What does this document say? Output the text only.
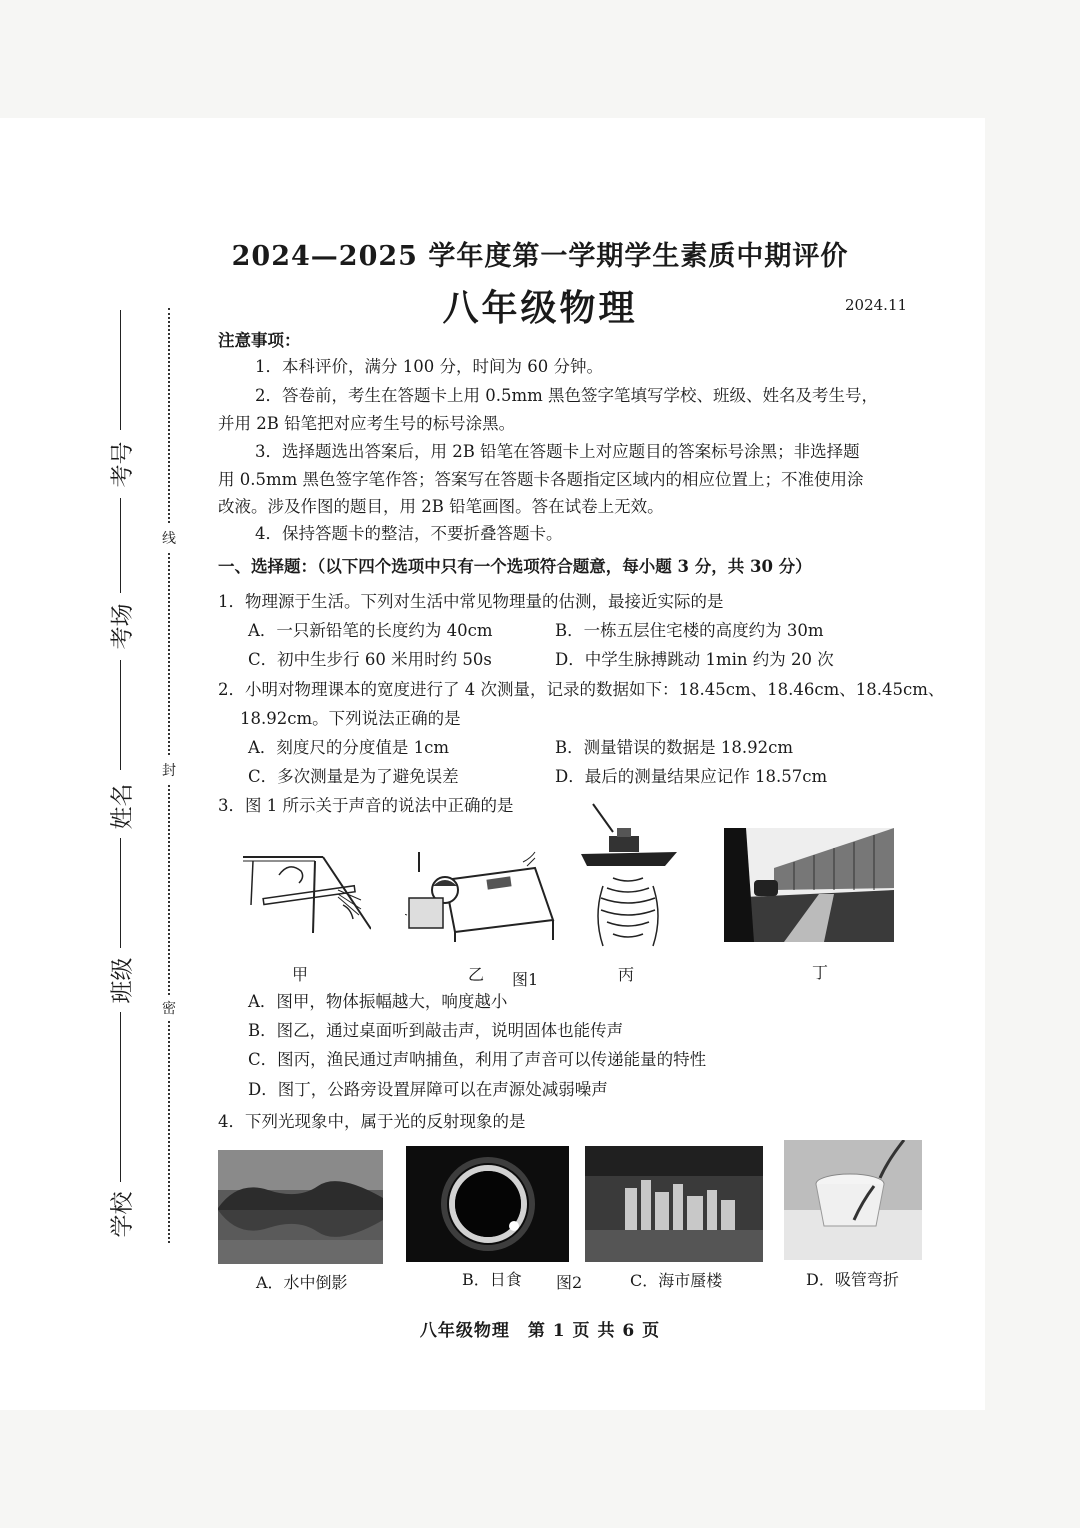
2024—2025 学年度第一学期学生素质中期评价
八年级物理	2024.11
线
封
密
考号
考场
姓名
班级
学校
注意事项：
1．本科评价，满分 100 分，时间为 60 分钟。
2．答卷前，考生在答题卡上用 0.5mm 黑色签字笔填写学校、班级、姓名及考生号，
并用 2B 铅笔把对应考生号的标号涂黑。
3．选择题选出答案后，用 2B 铅笔在答题卡上对应题目的答案标号涂黑；非选择题
用 0.5mm 黑色签字笔作答；答案写在答题卡各题指定区域内的相应位置上；不准使用涂
改液。涉及作图的题目，用 2B 铅笔画图。答在试卷上无效。
4．保持答题卡的整洁，不要折叠答题卡。
一、选择题：（以下四个选项中只有一个选项符合题意，每小题 3 分，共 30 分）
1．物理源于生活。下列对生活中常见物理量的估测，最接近实际的是
A．一只新铅笔的长度约为 40cm	B．一栋五层住宅楼的高度约为 30m
C．初中生步行 60 米用时约 50s	D．中学生脉搏跳动 1min 约为 20 次
2．小明对物理课本的宽度进行了 4 次测量，记录的数据如下：18.45cm、18.46cm、18.45cm、
18.92cm。下列说法正确的是
A．刻度尺的分度值是 1cm	B．测量错误的数据是 18.92cm
C．多次测量是为了避免误差	D．最后的测量结果应记作 18.57cm
3．图 1 所示关于声音的说法中正确的是
甲	乙 图1	丙	丁
A．图甲，物体振幅越大，响度越小
B．图乙，通过桌面听到敲击声，说明固体也能传声
C．图丙，渔民通过声呐捕鱼，利用了声音可以传递能量的特性
D．图丁，公路旁设置屏障可以在声源处减弱噪声
4．下列光现象中，属于光的反射现象的是
A．水中倒影	B．日食 图2	C．海市蜃楼	D．吸管弯折
八年级物理　第 1 页 共 6 页
